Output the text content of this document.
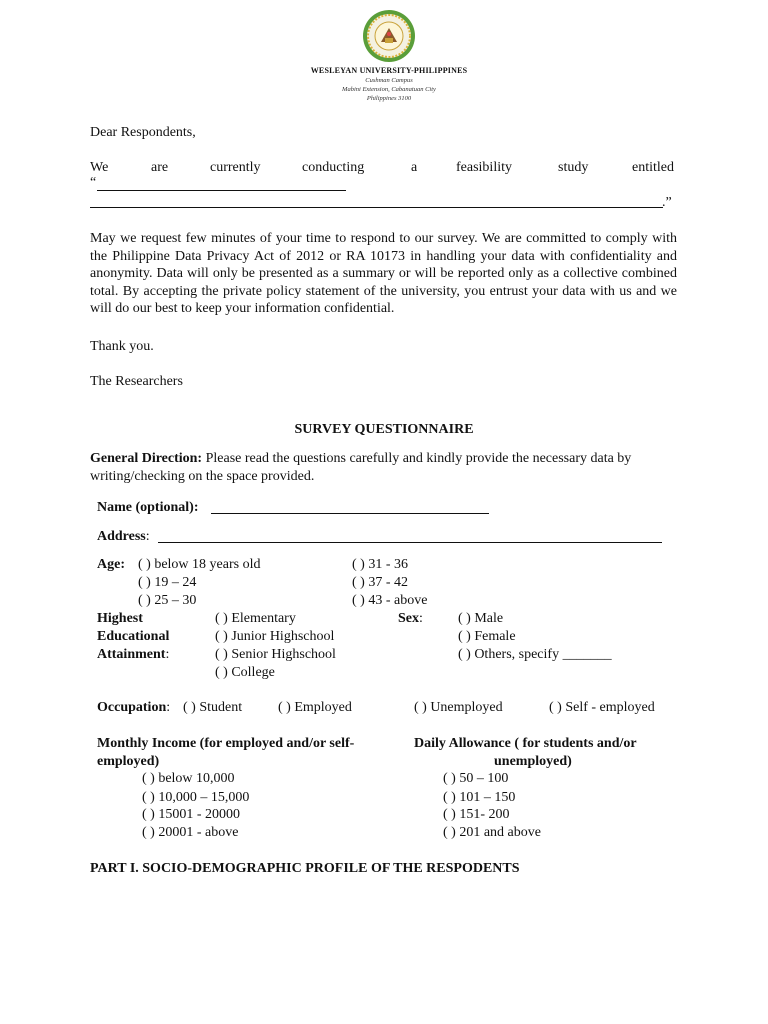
WESLEYAN UNIVERSITY-PHILIPPINES
Cushman Campus
Mabini Extension, Cabanatuan City
Philippines 3100
Dear Respondents,
We	are	currently	conducting	a	feasibility	study	entitled
“
.”
May we request few minutes of your time to respond to our survey. We are committed to comply with the Philippine Data Privacy Act of 2012 or RA 10173 in handling your data with confidentiality and anonymity. Data will only be presented as a summary or will be reported only as a collective combined total. By accepting the private policy statement of the university, you entrust your data with us and we will do our best to keep your information confidential.
Thank you.
The Researchers
SURVEY QUESTIONNAIRE
General Direction: Please read the questions carefully and kindly provide the necessary data by writing/checking on the space provided.
Name (optional):
Address:
Age: ( ) below 18 years old
( ) 19 – 24
( ) 25 – 30
( ) 31 - 36
( ) 37 - 42
( ) 43 - above
Highest
Educational
Attainment:
( ) Elementary
( ) Junior Highschool
( ) Senior Highschool
( ) College
Sex:	( ) Male
( ) Female
( ) Others, specify _______
Occupation: ( ) Student	( ) Employed	( ) Unemployed	( ) Self - employed
Monthly Income (for employed and/or self-
employed)
( ) below 10,000
( ) 10,000 – 15,000
( ) 15001 - 20000
( ) 20001 - above
Daily Allowance ( for students and/or
unemployed)
( ) 50 – 100
( ) 101 – 150
( ) 151- 200
( ) 201 and above
PART I. SOCIO-DEMOGRAPHIC PROFILE OF THE RESPODENTS
